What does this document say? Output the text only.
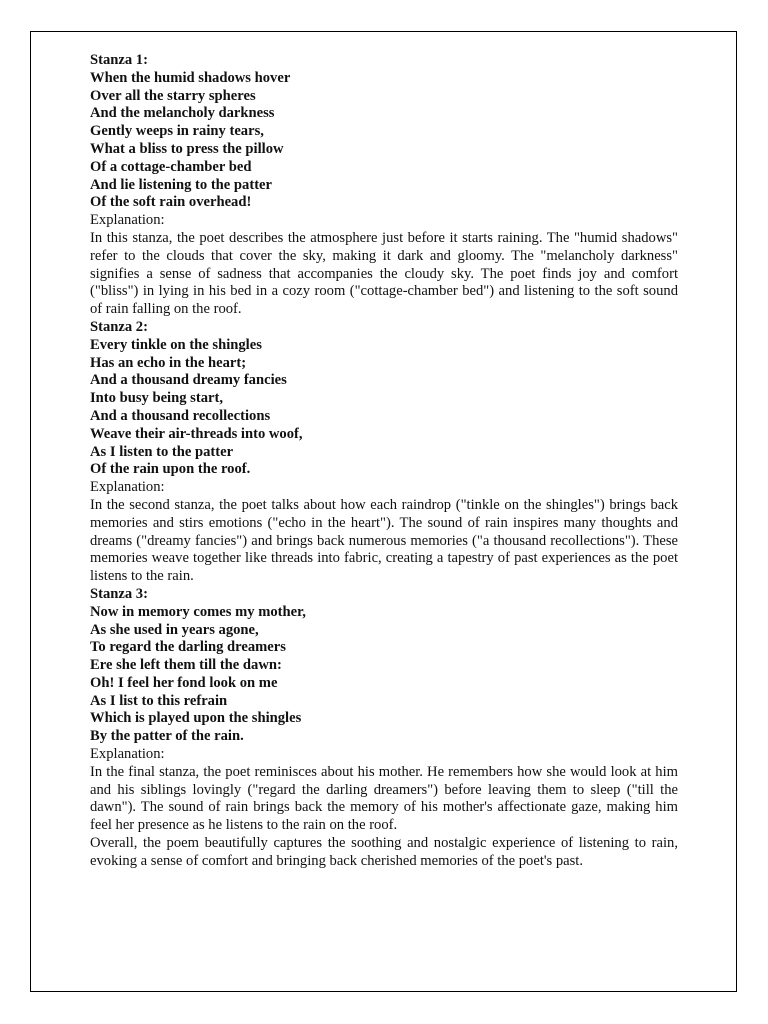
Stanza 1:
When the humid shadows hover
Over all the starry spheres
And the melancholy darkness
Gently weeps in rainy tears,
What a bliss to press the pillow
Of a cottage-chamber bed
And lie listening to the patter
Of the soft rain overhead!
Explanation:
In this stanza, the poet describes the atmosphere just before it starts raining. The "humid shadows" refer to the clouds that cover the sky, making it dark and gloomy. The "melancholy darkness" signifies a sense of sadness that accompanies the cloudy sky. The poet finds joy and comfort ("bliss") in lying in his bed in a cozy room ("cottage-chamber bed") and listening to the soft sound of rain falling on the roof.
Stanza 2:
Every tinkle on the shingles
Has an echo in the heart;
And a thousand dreamy fancies
Into busy being start,
And a thousand recollections
Weave their air-threads into woof,
As I listen to the patter
Of the rain upon the roof.
Explanation:
In the second stanza, the poet talks about how each raindrop ("tinkle on the shingles") brings back memories and stirs emotions ("echo in the heart"). The sound of rain inspires many thoughts and dreams ("dreamy fancies") and brings back numerous memories ("a thousand recollections"). These memories weave together like threads into fabric, creating a tapestry of past experiences as the poet listens to the rain.
Stanza 3:
Now in memory comes my mother,
As she used in years agone,
To regard the darling dreamers
Ere she left them till the dawn:
Oh! I feel her fond look on me
As I list to this refrain
Which is played upon the shingles
By the patter of the rain.
Explanation:
In the final stanza, the poet reminisces about his mother. He remembers how she would look at him and his siblings lovingly ("regard the darling dreamers") before leaving them to sleep ("till the dawn"). The sound of rain brings back the memory of his mother's affectionate gaze, making him feel her presence as he listens to the rain on the roof.
Overall, the poem beautifully captures the soothing and nostalgic experience of listening to rain, evoking a sense of comfort and bringing back cherished memories of the poet's past.
